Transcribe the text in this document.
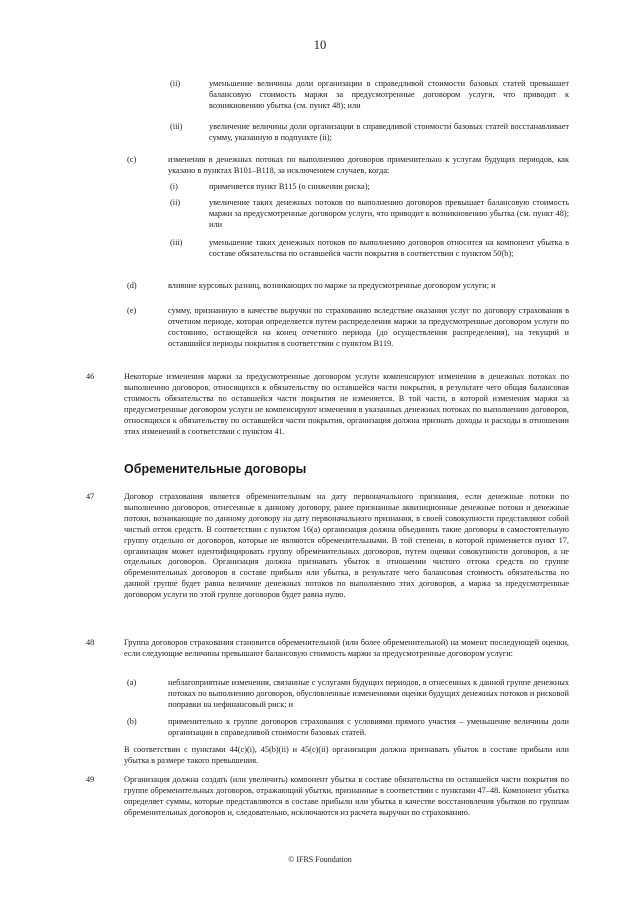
10
(ii)	уменьшение величины доли организации в справедливой стоимости базовых статей превышает балансовую стоимость маржи за предусмотренные договором услуги, что приводит к возникновению убытка (см. пункт 48); или
(iii)	увеличение величины доли организации в справедливой стоимости базовых статей восстанавливает сумму, указанную в подпункте (ii);
(c)	изменения в денежных потоках по выполнению договоров применительно к услугам будущих периодов, как указано в пунктах B101–B118, за исключением случаев, когда:
(i)	применяется пункт B115 (о снижении риска);
(ii)	увеличение таких денежных потоков по выполнению договоров превышает балансовую стоимость маржи за предусмотренные договором услуги, что приводит к возникновению убытка (см. пункт 48); или
(iii)	уменьшение таких денежных потоков по выполнению договоров относится на компонент убытка в составе обязательства по оставшейся части покрытия в соответствии с пунктом 50(b);
(d)	влияние курсовых разниц, возникающих по марже за предусмотренные договором услуги; и
(e)	сумму, признанную в качестве выручки по страхованию вследствие оказания услуг по договору страхования в отчетном периоде, которая определяется путем распределения маржи за предусмотренные договором услуги по состоянию, остающейся на конец отчетного периода (до осуществления распределения), на текущий и оставшийся периоды покрытия в соответствии с пунктом B119.
46	Некоторые изменения маржи за предусмотренные договором услуги компенсируют изменения в денежных потоках по выполнению договоров, относящихся к обязательству по оставшейся части покрытия, в результате чего общая балансовая стоимость обязательства по оставшейся части покрытия не изменяется. В той части, в которой изменения маржи за предусмотренные договором услуги не компенсируют изменения в указанных денежных потоках по выполнению договоров, относящихся к обязательству по оставшейся части покрытия, организация должна признать доходы и расходы в отношении этих изменений в соответствии с пунктом 41.
Обременительные договоры
47	Договор страхования является обременительным на дату первоначального признания, если денежные потоки по выполнению договоров, отнесенные к данному договору, ранее признанные аквизиционные денежные потоки и денежные потоки, возникающие по данному договору на дату первоначального признания, в своей совокупности представляют собой чистый отток средств. В соответствии с пунктом 16(a) организация должна объединить такие договоры в самостоятельную группу отдельно от договоров, которые не являются обременительными. В той степени, в которой применяется пункт 17, организация может идентифицировать группу обременительных договоров, путем оценки совокупности договоров, а не отдельных договоров. Организация должна признавать убыток в отношении чистого оттока средств по группе обременительных договоров в составе прибыли или убытка, в результате чего балансовая стоимость обязательства по данной группе будет равна величине денежных потоков по выполнению этих договоров, а маржа за предусмотренные договором услуги по этой группе договоров будет равна нулю.
48	Группа договоров страхования становится обременительной (или более обременительной) на момент последующей оценки, если следующие величины превышают балансовую стоимость маржи за предусмотренные договором услуги:
(a)	неблагоприятные изменения, связанные с услугами будущих периодов, в отнесенных к данной группе денежных потоках по выполнению договоров, обусловленные изменениями оценки будущих денежных потоков и рисковой поправки на нефинансовый риск; и
(b)	применительно к группе договоров страхования с условиями прямого участия – уменьшение величины доли организации в справедливой стоимости базовых статей.
В соответствии с пунктами 44(c)(i), 45(b)(ii) и 45(c)(ii) организация должна признавать убыток в составе прибыли или убытка в размере такого превышения.
49	Организация должна создать (или увеличить) компонент убытка в составе обязательства по оставшейся части покрытия по группе обременительных договоров, отражающий убытки, признанные в соответствии с пунктами 47–48. Компонент убытка определяет суммы, которые представляются в составе прибыли или убытка в качестве восстановления убытков по группам обременительных договоров и, следовательно, исключаются из расчета выручки по страхованию.
© IFRS Foundation
